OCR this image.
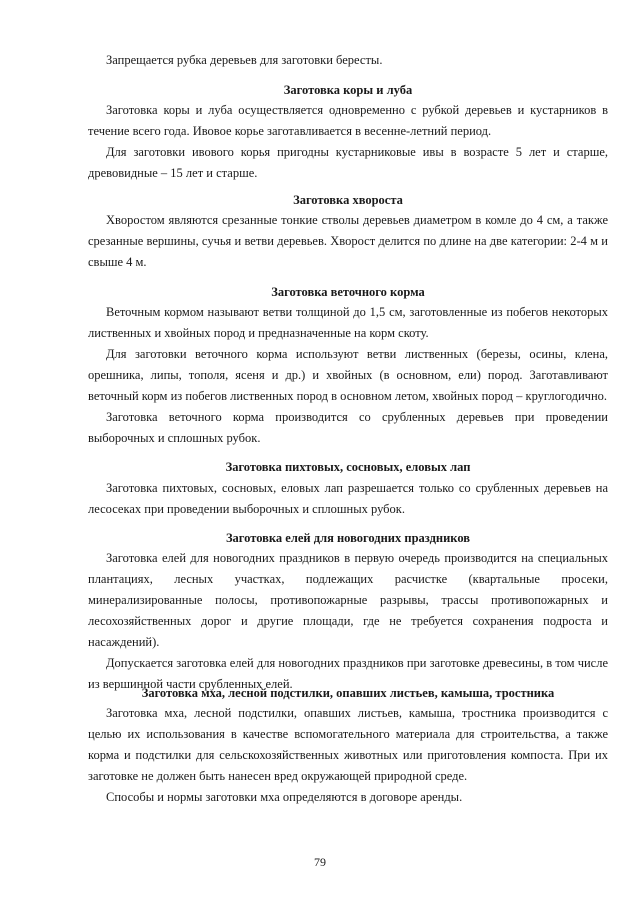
Запрещается рубка деревьев для заготовки бересты.

Заготовка коры и луба

Заготовка коры и луба осуществляется одновременно с рубкой деревьев и кустарников в течение всего года. Ивовое корье заготавливается в весенне-летний период.

Для заготовки ивового корья пригодны кустарниковые ивы в возрасте 5 лет и старше, древовидные – 15 лет и старше.

Заготовка хвороста

Хворостом являются срезанные тонкие стволы деревьев диаметром в комле до 4 см, а также срезанные вершины, сучья и ветви деревьев. Хворост делится по длине на две категории: 2-4 м и свыше 4 м.

Заготовка веточного корма

Веточным кормом называют ветви толщиной до 1,5 см, заготовленные из побегов некоторых лиственных и хвойных пород и предназначенные на корм скоту.

Для заготовки веточного корма используют ветви лиственных (березы, осины, клена, орешника, липы, тополя, ясеня и др.) и хвойных (в основном, ели) пород. Заготавливают веточный корм из побегов лиственных пород в основном летом, хвойных пород – круглогодично.

Заготовка веточного корма производится со срубленных деревьев при проведении выборочных и сплошных рубок.

Заготовка пихтовых, сосновых, еловых лап

Заготовка пихтовых, сосновых, еловых лап разрешается только со срубленных деревьев на лесосеках при проведении выборочных и сплошных рубок.

Заготовка елей для новогодних праздников

Заготовка елей для новогодних праздников в первую очередь производится на специальных плантациях, лесных участках, подлежащих расчистке (квартальные просеки, минерализированные полосы, противопожарные разрывы, трассы противопожарных и лесохозяйственных дорог и другие площади, где не требуется сохранения подроста и насаждений).

Допускается заготовка елей для новогодних праздников при заготовке древесины, в том числе из вершинной части срубленных елей.

Заготовка мха, лесной подстилки, опавших листьев, камыша, тростника

Заготовка мха, лесной подстилки, опавших листьев, камыша, тростника производится с целью их использования в качестве вспомогательного материала для строительства, а также корма и подстилки для сельскохозяйственных животных или приготовления компоста. При их заготовке не должен быть нанесен вред окружающей природной среде.

Способы и нормы заготовки мха определяются в договоре аренды.

79
